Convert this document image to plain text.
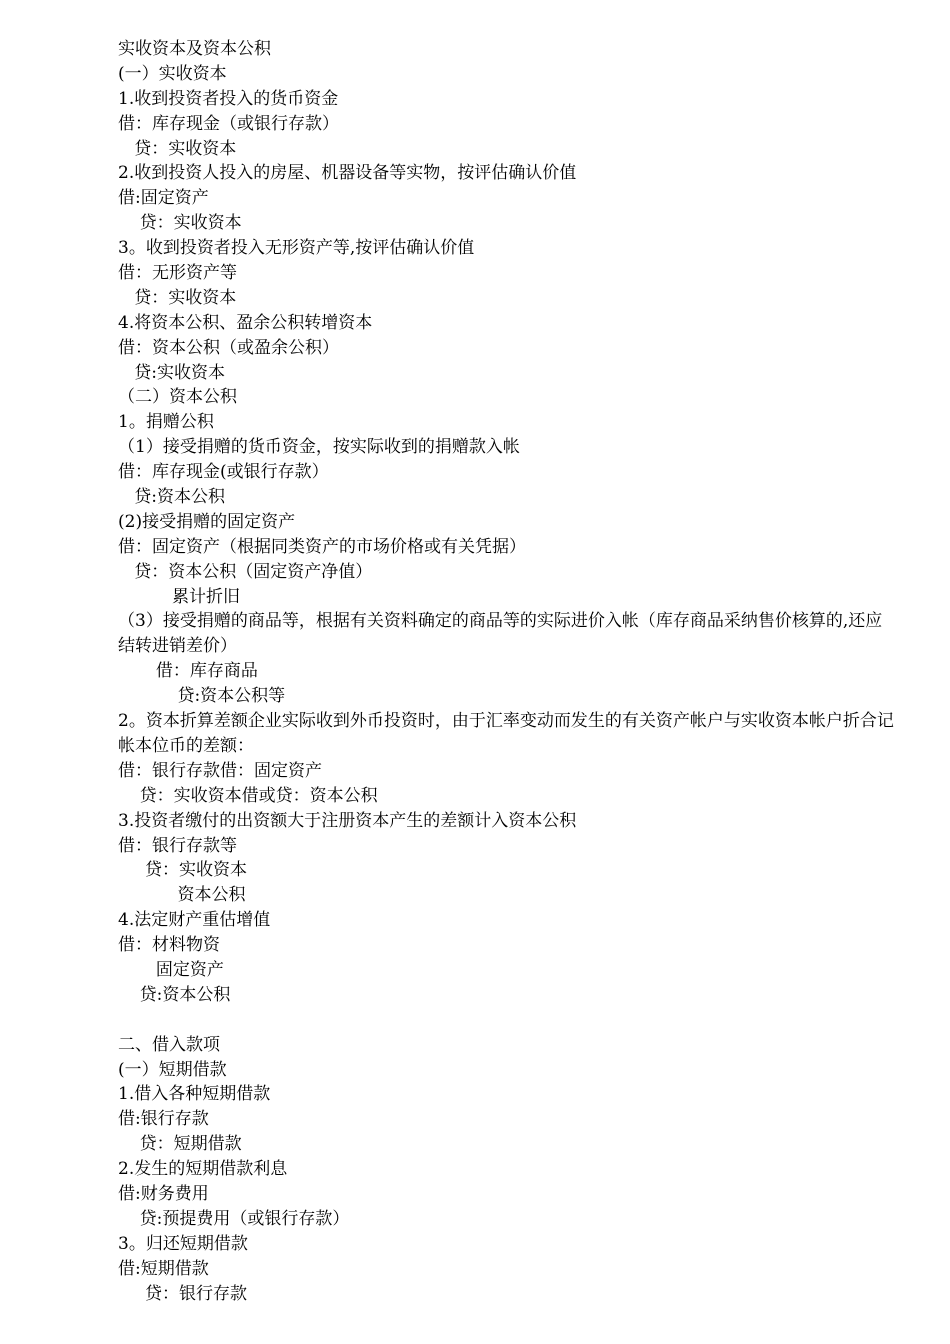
实收资本及资本公积
(一）实收资本
1.收到投资者投入的货币资金
借：库存现金（或银行存款）
贷：实收资本
2.收到投资人投入的房屋、机器设备等实物，按评估确认价值
借:固定资产
贷：实收资本
3。收到投资者投入无形资产等,按评估确认价值
借：无形资产等
贷：实收资本
4.将资本公积、盈余公积转增资本
借：资本公积（或盈余公积）
贷:实收资本
（二）资本公积
1。捐赠公积
（1）接受捐赠的货币资金，按实际收到的捐赠款入帐
借：库存现金(或银行存款）
贷:资本公积
(2)接受捐赠的固定资产
借：固定资产（根据同类资产的市场价格或有关凭据）
贷：资本公积（固定资产净值）
累计折旧
（3）接受捐赠的商品等，根据有关资料确定的商品等的实际进价入帐（库存商品采纳售价核算的,还应结转进销差价）
借：库存商品
贷:资本公积等
2。资本折算差额企业实际收到外币投资时，由于汇率变动而发生的有关资产帐户与实收资本帐户折合记帐本位币的差额：
借：银行存款借：固定资产
贷：实收资本借或贷：资本公积
3.投资者缴付的出资额大于注册资本产生的差额计入资本公积
借：银行存款等
贷：实收资本
资本公积
4.法定财产重估增值
借：材料物资
固定资产
贷:资本公积
二、借入款项
(一）短期借款
1.借入各种短期借款
借:银行存款
贷：短期借款
2.发生的短期借款利息
借:财务费用
贷:预提费用（或银行存款）
3。归还短期借款
借:短期借款
贷：银行存款
